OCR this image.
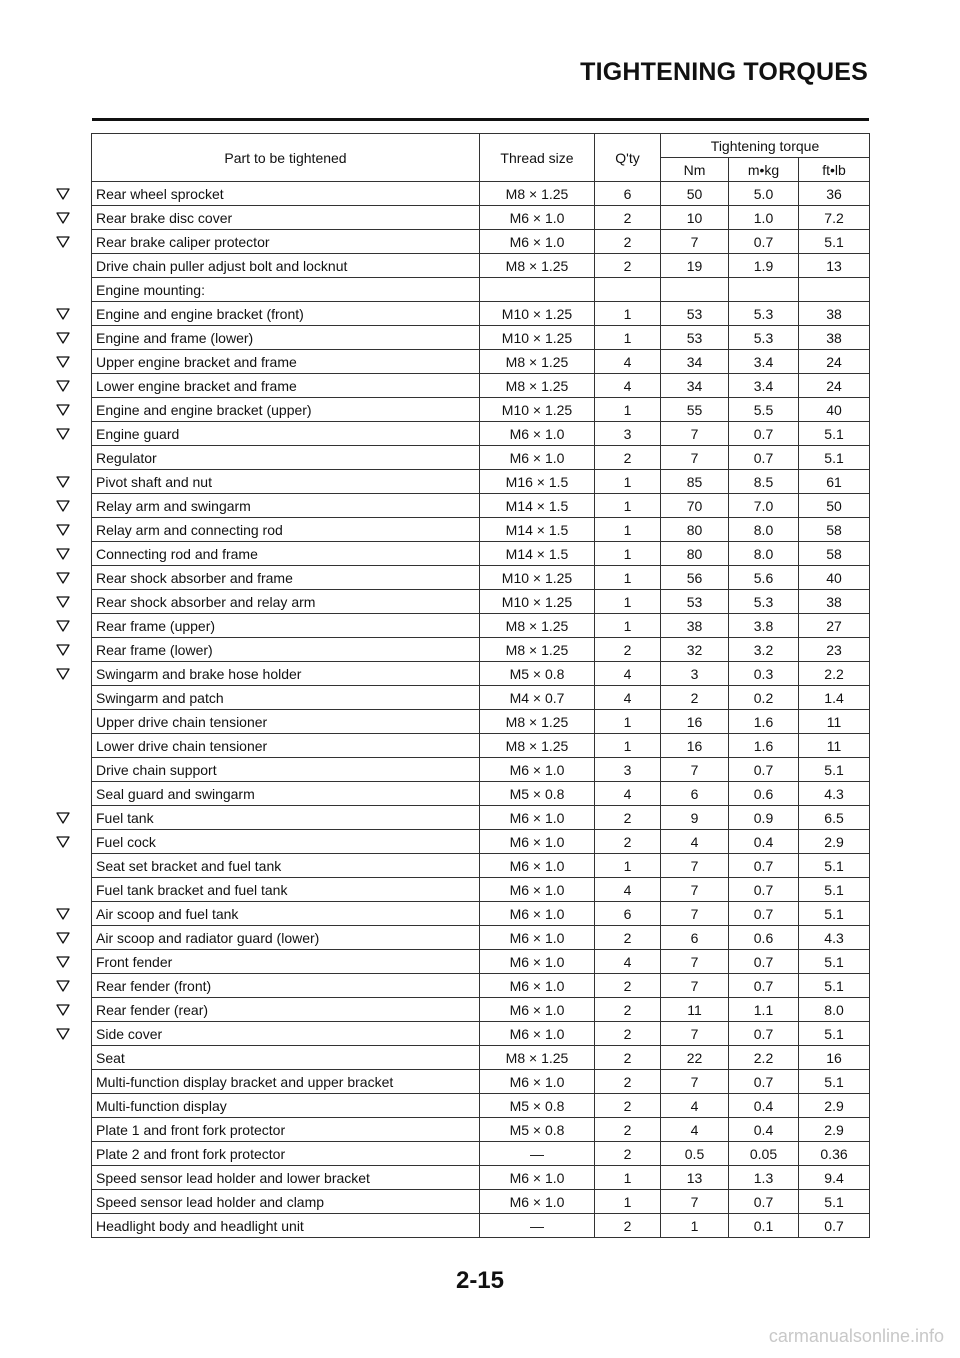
TIGHTENING TORQUES
Part to be tightened	Thread size	Q'ty	Tightening torque		
			Nm	m•kg	ft•lb
Rear wheel sprocket	M8 × 1.25	6	50	5.0	36
Rear brake disc cover	M6 × 1.0	2	10	1.0	7.2
Rear brake caliper protector	M6 × 1.0	2	7	0.7	5.1
Drive chain puller adjust bolt and locknut	M8 × 1.25	2	19	1.9	13
Engine mounting:					
Engine and engine bracket (front)	M10 × 1.25	1	53	5.3	38
Engine and frame (lower)	M10 × 1.25	1	53	5.3	38
Upper engine bracket and frame	M8 × 1.25	4	34	3.4	24
Lower engine bracket and frame	M8 × 1.25	4	34	3.4	24
Engine and engine bracket (upper)	M10 × 1.25	1	55	5.5	40
Engine guard	M6 × 1.0	3	7	0.7	5.1
Regulator	M6 × 1.0	2	7	0.7	5.1
Pivot shaft and nut	M16 × 1.5	1	85	8.5	61
Relay arm and swingarm	M14 × 1.5	1	70	7.0	50
Relay arm and connecting rod	M14 × 1.5	1	80	8.0	58
Connecting rod and frame	M14 × 1.5	1	80	8.0	58
Rear shock absorber and frame	M10 × 1.25	1	56	5.6	40
Rear shock absorber and relay arm	M10 × 1.25	1	53	5.3	38
Rear frame (upper)	M8 × 1.25	1	38	3.8	27
Rear frame (lower)	M8 × 1.25	2	32	3.2	23
Swingarm and brake hose holder	M5 × 0.8	4	3	0.3	2.2
Swingarm and patch	M4 × 0.7	4	2	0.2	1.4
Upper drive chain tensioner	M8 × 1.25	1	16	1.6	11
Lower drive chain tensioner	M8 × 1.25	1	16	1.6	11
Drive chain support	M6 × 1.0	3	7	0.7	5.1
Seal guard and swingarm	M5 × 0.8	4	6	0.6	4.3
Fuel tank	M6 × 1.0	2	9	0.9	6.5
Fuel cock	M6 × 1.0	2	4	0.4	2.9
Seat set bracket and fuel tank	M6 × 1.0	1	7	0.7	5.1
Fuel tank bracket and fuel tank	M6 × 1.0	4	7	0.7	5.1
Air scoop and fuel tank	M6 × 1.0	6	7	0.7	5.1
Air scoop and radiator guard (lower)	M6 × 1.0	2	6	0.6	4.3
Front fender	M6 × 1.0	4	7	0.7	5.1
Rear fender (front)	M6 × 1.0	2	7	0.7	5.1
Rear fender (rear)	M6 × 1.0	2	11	1.1	8.0
Side cover	M6 × 1.0	2	7	0.7	5.1
Seat	M8 × 1.25	2	22	2.2	16
Multi-function display bracket and upper bracket	M6 × 1.0	2	7	0.7	5.1
Multi-function display	M5 × 0.8	2	4	0.4	2.9
Plate 1 and front fork protector	M5 × 0.8	2	4	0.4	2.9
Plate 2 and front fork protector	—	2	0.5	0.05	0.36
Speed sensor lead holder and lower bracket	M6 × 1.0	1	13	1.3	9.4
Speed sensor lead holder and clamp	M6 × 1.0	1	7	0.7	5.1
Headlight body and headlight unit	—	2	1	0.1	0.7
2-15
carmanualsonline.info
